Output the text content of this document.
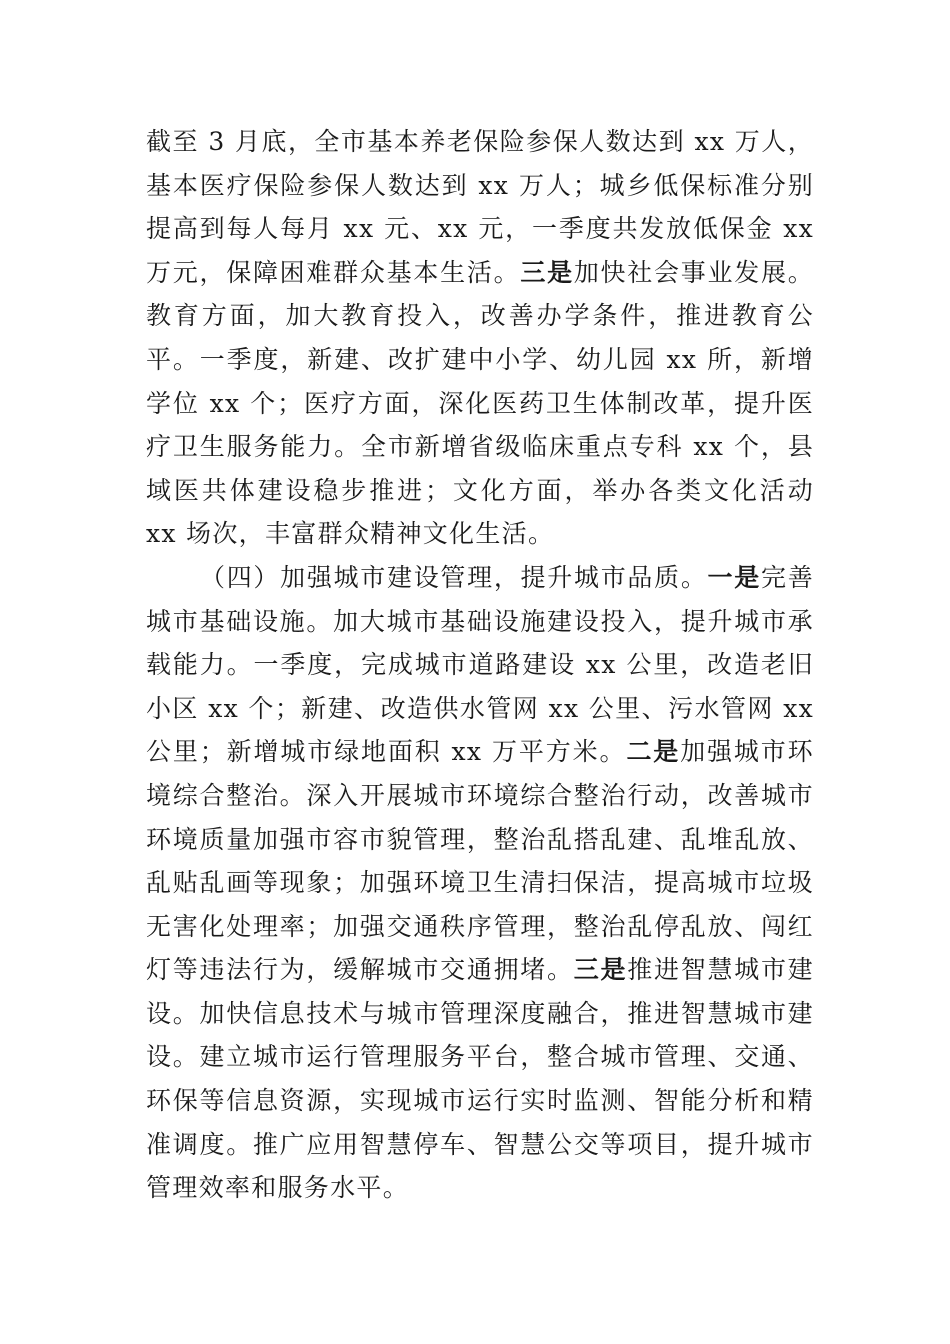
截至 3 月底，全市基本养老保险参保人数达到 xx 万人，基本医疗保险参保人数达到 xx 万人；城乡低保标准分别提高到每人每月 xx 元、xx 元，一季度共发放低保金 xx 万元，保障困难群众基本生活。三是加快社会事业发展。教育方面，加大教育投入，改善办学条件，推进教育公平。一季度，新建、改扩建中小学、幼儿园 xx 所，新增学位 xx 个；医疗方面，深化医药卫生体制改革，提升医疗卫生服务能力。全市新增省级临床重点专科 xx 个，县域医共体建设稳步推进；文化方面，举办各类文化活动 xx 场次，丰富群众精神文化生活。

（四）加强城市建设管理，提升城市品质。一是完善城市基础设施。加大城市基础设施建设投入，提升城市承载能力。一季度，完成城市道路建设 xx 公里，改造老旧小区 xx 个；新建、改造供水管网 xx 公里、污水管网 xx 公里；新增城市绿地面积 xx 万平方米。二是加强城市环境综合整治。深入开展城市环境综合整治行动，改善城市环境质量加强市容市貌管理，整治乱搭乱建、乱堆乱放、乱贴乱画等现象；加强环境卫生清扫保洁，提高城市垃圾无害化处理率；加强交通秩序管理，整治乱停乱放、闯红灯等违法行为，缓解城市交通拥堵。三是推进智慧城市建设。加快信息技术与城市管理深度融合，推进智慧城市建设。建立城市运行管理服务平台，整合城市管理、交通、环保等信息资源，实现城市运行实时监测、智能分析和精准调度。推广应用智慧停车、智慧公交等项目，提升城市管理效率和服务水平。
